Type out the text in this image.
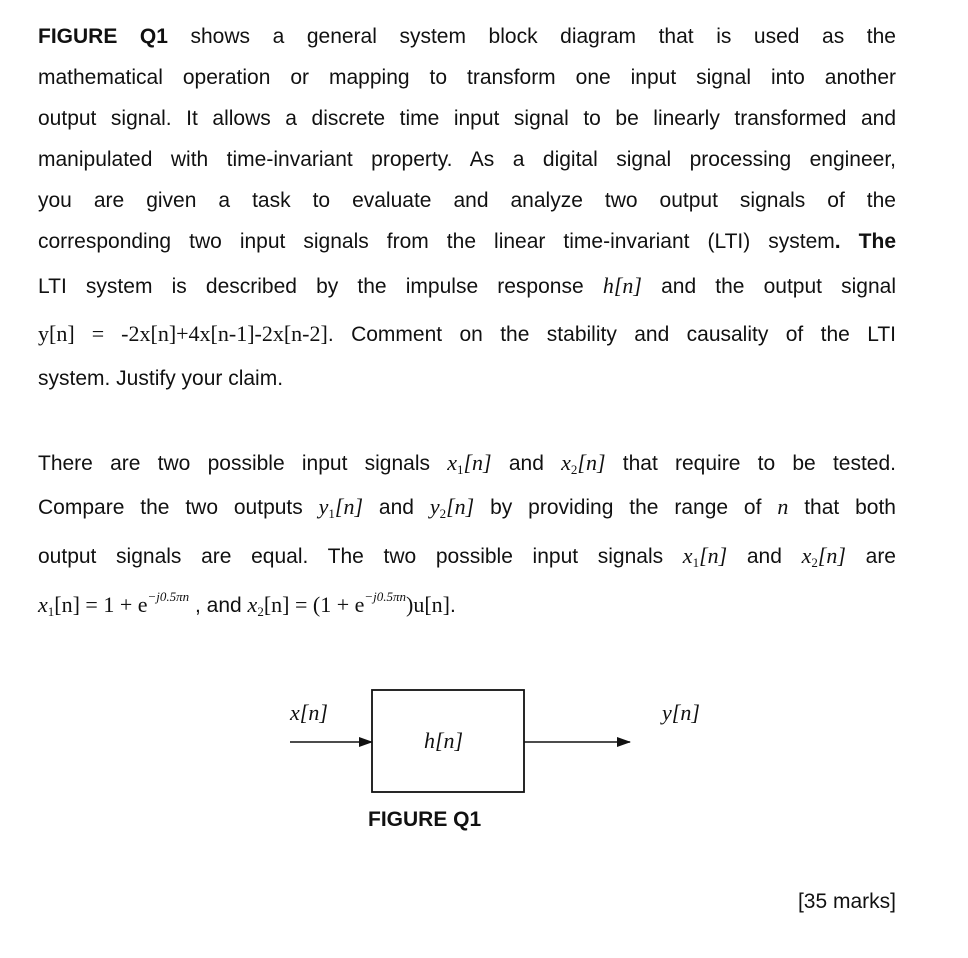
FIGURE Q1 shows a general system block diagram that is used as the
mathematical operation or mapping to transform one input signal into another
output signal. It allows a discrete time input signal to be linearly transformed and
manipulated with time-invariant property. As a digital signal processing engineer,
you are given a task to evaluate and analyze two output signals of the
corresponding two input signals from the linear time-invariant (LTI) system. The
LTI system is described by the impulse response h[n] and the output signal
y[n] = -2x[n]+4x[n-1]-2x[n-2]. Comment on the stability and causality of the LTI
system. Justify your claim.
There are two possible input signals $x_1[n]$ and $x_2[n]$ that require to be tested.
Compare the two outputs $y_1[n]$ and $y_2[n]$ by providing the range of n that both
output signals are equal. The two possible input signals $x_1[n]$ and $x_2[n]$ are
$x_1[n] = 1 + e^{-j0.5\pi n}$ , and $x_2[n] = (1 + e^{-j0.5\pi n})u[n]$.
x[n]
h[n]
y[n]
FIGURE Q1
[35 marks]
